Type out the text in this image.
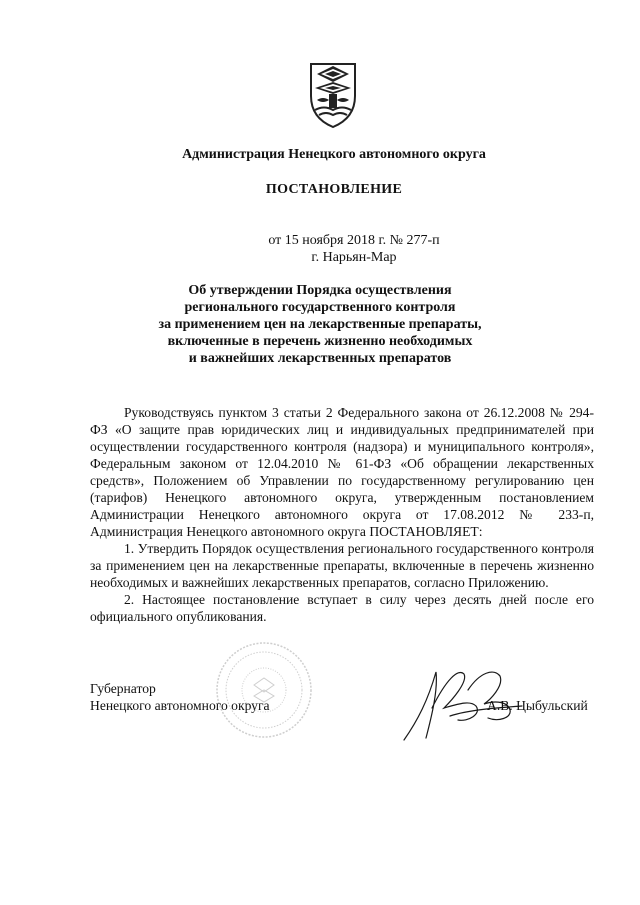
Администрация Ненецкого автономного округа
ПОСТАНОВЛЕНИЕ
от 15 ноября 2018 г. № 277-п
г. Нарьян-Мар
Об утверждении Порядка осуществления
регионального государственного контроля
за применением цен на лекарственные препараты,
включенные в перечень жизненно необходимых
и важнейших лекарственных препаратов

Руководствуясь пунктом 3 статьи 2 Федерального закона от 26.12.2008 № 294-ФЗ «О защите прав юридических лиц и индивидуальных предпринимателей при осуществлении государственного контроля (надзора) и муниципального контроля», Федеральным законом от 12.04.2010 № 61-ФЗ «Об обращении лекарственных средств», Положением об Управлении по государственному регулированию цен (тарифов) Ненецкого автономного округа, утвержденным постановлением Администрации Ненецкого автономного округа от 17.08.2012 № 233-п, Администрация Ненецкого автономного округа ПОСТАНОВЛЯЕТ:

1. Утвердить Порядок осуществления регионального государственного контроля за применением цен на лекарственные препараты, включенные в перечень жизненно необходимых и важнейших лекарственных препаратов, согласно Приложению.

2. Настоящее постановление вступает в силу через десять дней после его официального опубликования.

Губернатор
Ненецкого автономного округа	А.В. Цыбульский
